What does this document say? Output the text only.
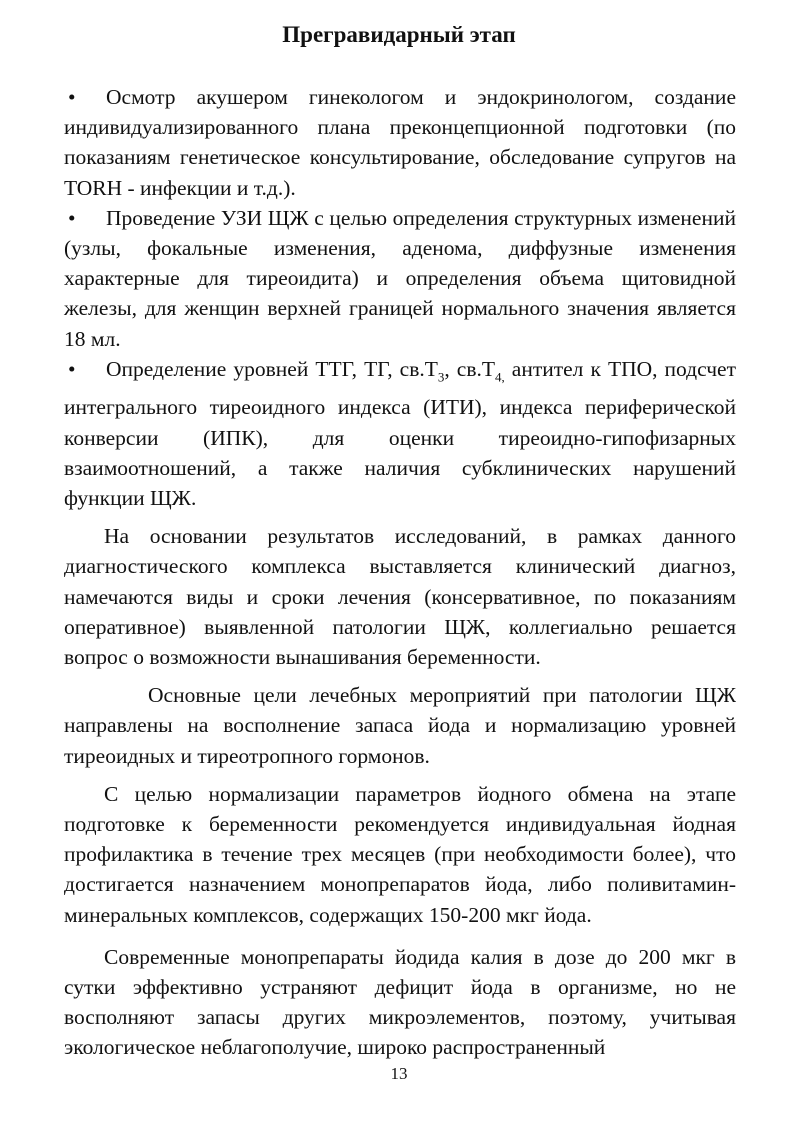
Прегравидарный этап

• Осмотр акушером гинекологом и эндокринологом, создание индивидуализированного плана преконцепционной подготовки (по показаниям генетическое консультирование, обследование супругов на TORH - инфекции и т.д.).

• Проведение УЗИ ЩЖ с целью определения структурных изменений (узлы, фокальные изменения, аденома, диффузные изменения характерные для тиреоидита) и определения объема щитовидной железы, для женщин верхней границей нормального значения является 18 мл.

• Определение уровней ТТГ, ТГ, $св.Т_3$, $св.Т_{4,}$ антител к ТПО, подсчет интегрального тиреоидного индекса (ИТИ), индекса периферической конверсии (ИПК), для оценки тиреоидно-гипофизарных взаимоотношений, а также наличия субклинических нарушений функции ЩЖ.

На основании результатов исследований, в рамках данного диагностического комплекса выставляется клинический диагноз, намечаются виды и сроки лечения (консервативное, по показаниям оперативное) выявленной патологии ЩЖ, коллегиально решается вопрос о возможности вынашивания беременности.

Основные цели лечебных мероприятий при патологии ЩЖ направлены на восполнение запаса йода и нормализацию уровней тиреоидных и тиреотропного гормонов.

С целью нормализации параметров йодного обмена на этапе подготовке к беременности рекомендуется индивидуальная йодная профилактика в течение трех месяцев (при необходимости более), что достигается назначением монопрепаратов йода, либо поливитамин-минеральных комплексов, содержащих 150-200 мкг йода.

Современные монопрепараты йодида калия в дозе до 200 мкг в сутки эффективно устраняют дефицит йода в организме, но не восполняют запасы других микроэлементов, поэтому, учитывая экологическое неблагополучие, широко распространенный

13
